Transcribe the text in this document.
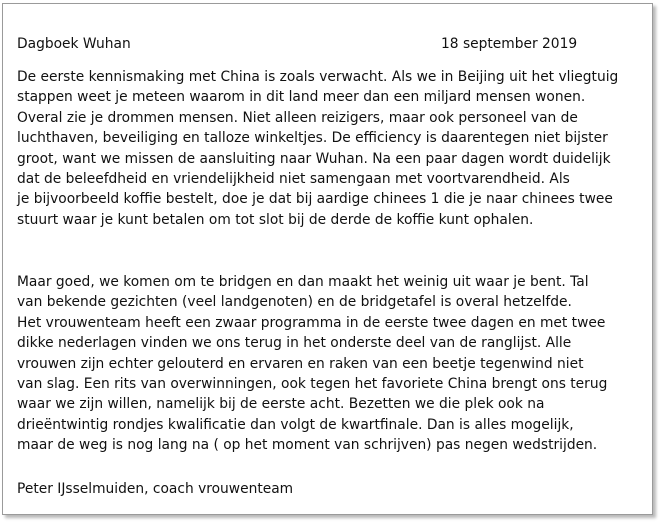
Dagboek Wuhan	18 september 2019
De eerste kennismaking met China is zoals verwacht. Als we in Beijing uit het vliegtuig
stappen weet je meteen waarom in dit land meer dan een miljard mensen wonen.
Overal zie je drommen mensen. Niet alleen reizigers, maar ook personeel van de
luchthaven, beveiliging en talloze winkeltjes. De efficiency is daarentegen niet bijster
groot, want we missen de aansluiting naar Wuhan. Na een paar dagen wordt duidelijk
dat de beleefdheid en vriendelijkheid niet samengaan met voortvarendheid. Als
je bijvoorbeeld koffie bestelt, doe je dat bij aardige chinees 1 die je naar chinees twee
stuurt waar je kunt betalen om tot slot bij de derde de koffie kunt ophalen.
Maar goed, we komen om te bridgen en dan maakt het weinig uit waar je bent. Tal
van bekende gezichten (veel landgenoten) en de bridgetafel is overal hetzelfde.
Het vrouwenteam heeft een zwaar programma in de eerste twee dagen en met twee
dikke nederlagen vinden we ons terug in het onderste deel van de ranglijst. Alle
vrouwen zijn echter gelouterd en ervaren en raken van een beetje tegenwind niet
van slag. Een rits van overwinningen, ook tegen het favoriete China brengt ons terug
waar we zijn willen, namelijk bij de eerste acht. Bezetten we die plek ook na
drieëntwintig rondjes kwalificatie dan volgt de kwartfinale. Dan is alles mogelijk,
maar de weg is nog lang na ( op het moment van schrijven) pas negen wedstrijden.
Peter IJsselmuiden, coach vrouwenteam
